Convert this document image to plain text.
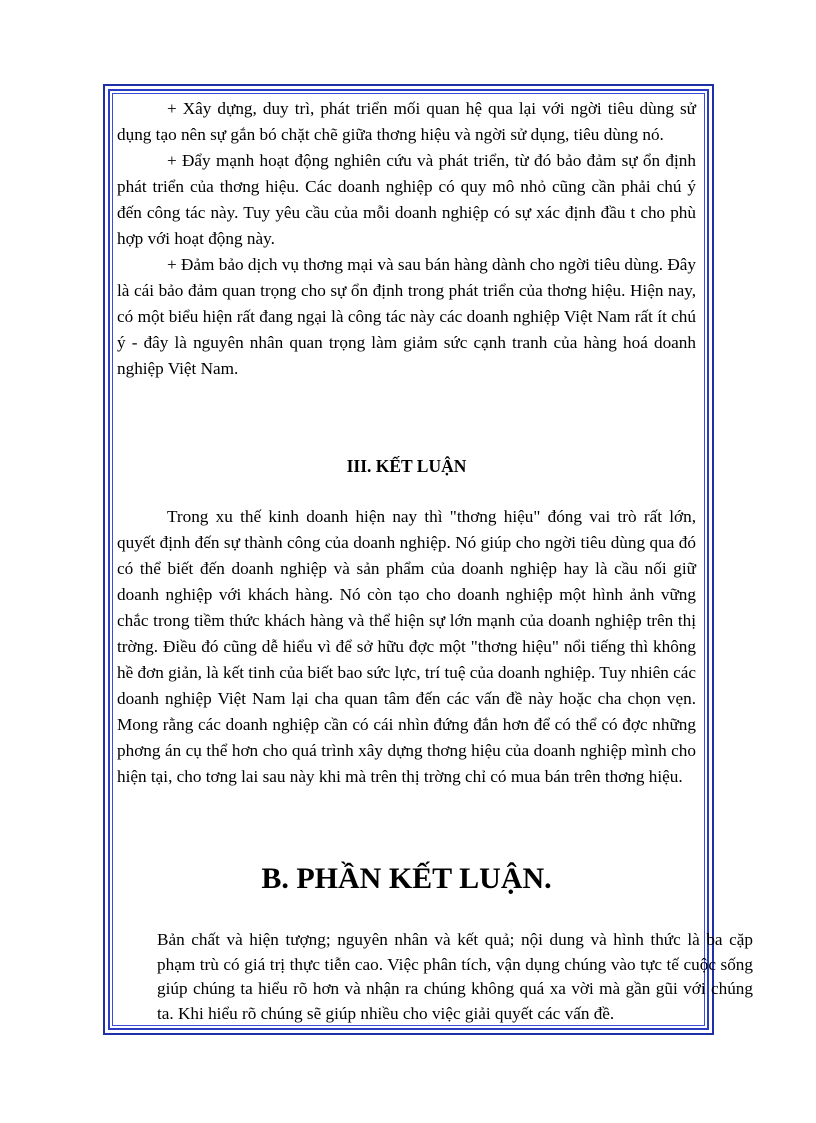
+ Xây dựng, duy trì, phát triển mối quan hệ qua lại với ngời tiêu dùng sử dụng tạo nên sự gắn bó chặt chẽ giữa thơng hiệu và ngời sử dụng, tiêu dùng nó.

+ Đẩy mạnh hoạt động nghiên cứu và phát triển, từ đó bảo đảm sự ổn định phát triển của thơng hiệu. Các doanh nghiệp có quy mô nhỏ cũng cần phải chú ý đến công tác này. Tuy yêu cầu của mỗi doanh nghiệp có sự xác định đầu t cho phù hợp với hoạt động này.

+ Đảm bảo dịch vụ thơng mại và sau bán hàng dành cho ngời tiêu dùng. Đây là cái bảo đảm quan trọng cho sự ổn định trong phát triển của thơng hiệu. Hiện nay, có một biểu hiện rất đang ngại là công tác này các doanh nghiệp Việt Nam rất ít chú ý - đây là nguyên nhân quan trọng làm giảm sức cạnh tranh của hàng hoá doanh nghiệp Việt Nam.

III. KẾT LUẬN

Trong xu thế kinh doanh hiện nay thì "thơng hiệu" đóng vai trò rất lớn, quyết định đến sự thành công của doanh nghiệp. Nó giúp cho ngời tiêu dùng qua đó có thể biết đến doanh nghiệp và sản phẩm của doanh nghiệp hay là cầu nối giữ doanh nghiệp với khách hàng. Nó còn tạo cho doanh nghiệp một hình ảnh vững chắc trong tiềm thức khách hàng và thể hiện sự lớn mạnh của doanh nghiệp trên thị trờng. Điều đó cũng dễ hiểu vì để sở hữu đợc một "thơng hiệu" nổi tiếng thì không hề đơn giản, là kết tinh của biết bao sức lực, trí tuệ của doanh nghiệp. Tuy nhiên các doanh nghiệp Việt Nam lại cha quan tâm đến các vấn đề này hoặc cha chọn vẹn. Mong rằng các doanh nghiệp cần có cái nhìn đứng đắn hơn để có thể có đợc những phơng án cụ thể hơn cho quá trình xây dựng thơng hiệu của doanh nghiệp mình cho hiện tại, cho tơng lai sau này khi mà trên thị trờng chỉ có mua bán trên thơng hiệu.

B. PHẦN KẾT LUẬN.

Bản chất và hiện tượng; nguyên nhân và kết quả; nội dung và hình thức là ba cặp phạm trù có giá trị thực tiễn cao. Việc phân tích, vận dụng chúng vào tực tế cuộc sống giúp chúng ta hiểu rõ hơn và nhận ra chúng không quá xa vời mà gần gũi với chúng ta. Khi hiểu rõ chúng sẽ giúp nhiều cho việc giải quyết các vấn đề.
